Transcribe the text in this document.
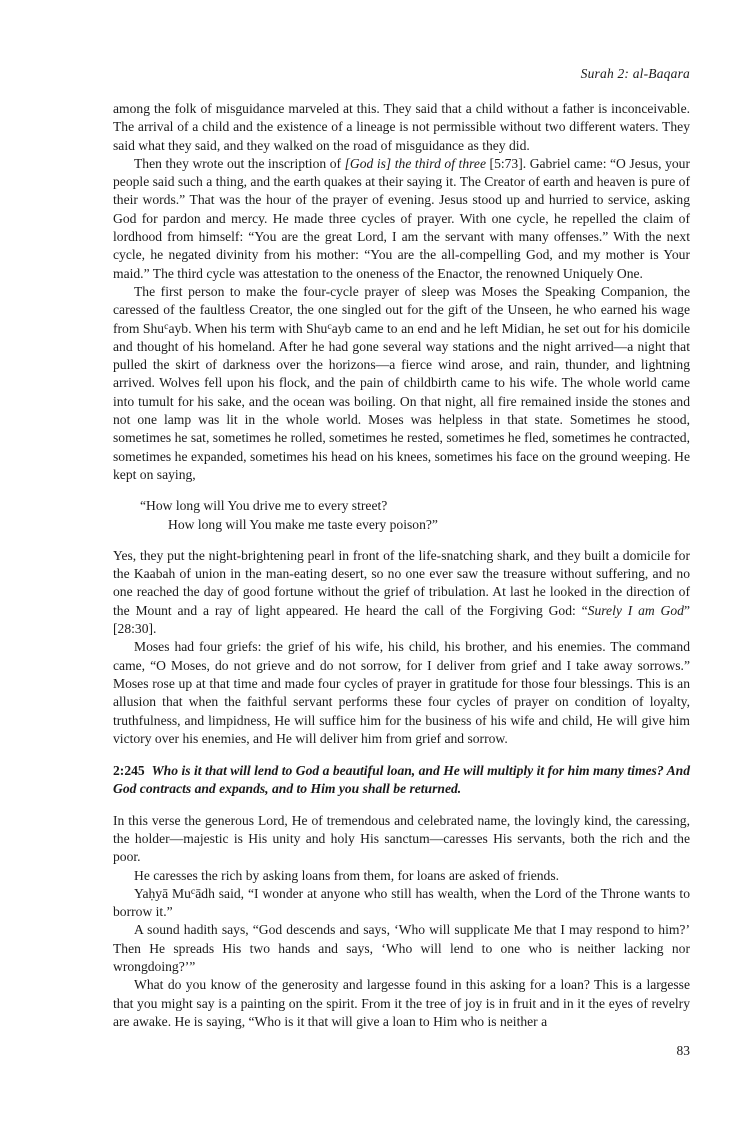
Surah 2: al-Baqara

among the folk of misguidance marveled at this. They said that a child without a father is inconceivable. The arrival of a child and the existence of a lineage is not permissible without two different waters. They said what they said, and they walked on the road of misguidance as they did.

Then they wrote out the inscription of [God is] the third of three [5:73]. Gabriel came: “O Jesus, your people said such a thing, and the earth quakes at their saying it. The Creator of earth and heaven is pure of their words.” That was the hour of the prayer of evening. Jesus stood up and hurried to service, asking God for pardon and mercy. He made three cycles of prayer. With one cycle, he repelled the claim of lordhood from himself: “You are the great Lord, I am the servant with many offenses.” With the next cycle, he negated divinity from his mother: “You are the all-compelling God, and my mother is Your maid.” The third cycle was attestation to the oneness of the Enactor, the renowned Uniquely One.

The first person to make the four-cycle prayer of sleep was Moses the Speaking Companion, the caressed of the faultless Creator, the one singled out for the gift of the Unseen, he who earned his wage from Shu$^c$ayb. When his term with Shu$^c$ayb came to an end and he left Midian, he set out for his domicile and thought of his homeland. After he had gone several way stations and the night arrived—a night that pulled the skirt of darkness over the horizons—a fierce wind arose, and rain, thunder, and lightning arrived. Wolves fell upon his flock, and the pain of childbirth came to his wife. The whole world came into tumult for his sake, and the ocean was boiling. On that night, all fire remained inside the stones and not one lamp was lit in the whole world. Moses was helpless in that state. Sometimes he stood, sometimes he sat, sometimes he rolled, sometimes he rested, sometimes he fled, sometimes he contracted, sometimes he expanded, sometimes his head on his knees, sometimes his face on the ground weeping. He kept on saying,

“How long will You drive me to every street?
How long will You make me taste every poison?”

Yes, they put the night-brightening pearl in front of the life-snatching shark, and they built a domicile for the Kaabah of union in the man-eating desert, so no one ever saw the treasure without suffering, and no one reached the day of good fortune without the grief of tribulation. At last he looked in the direction of the Mount and a ray of light appeared. He heard the call of the Forgiving God: “Surely I am God” [28:30].

Moses had four griefs: the grief of his wife, his child, his brother, and his enemies. The command came, “O Moses, do not grieve and do not sorrow, for I deliver from grief and I take away sorrows.” Moses rose up at that time and made four cycles of prayer in gratitude for those four blessings. This is an allusion that when the faithful servant performs these four cycles of prayer on condition of loyalty, truthfulness, and limpidness, He will suffice him for the business of his wife and child, He will give him victory over his enemies, and He will deliver him from grief and sorrow.

2:245 Who is it that will lend to God a beautiful loan, and He will multiply it for him many times? And God contracts and expands, and to Him you shall be returned.

In this verse the generous Lord, He of tremendous and celebrated name, the lovingly kind, the caressing, the holder—majestic is His unity and holy His sanctum—caresses His servants, both the rich and the poor.

He caresses the rich by asking loans from them, for loans are asked of friends.

Yaḥyā Mu$^c$ādh said, “I wonder at anyone who still has wealth, when the Lord of the Throne wants to borrow it.”

A sound hadith says, “God descends and says, ‘Who will supplicate Me that I may respond to him?’ Then He spreads His two hands and says, ‘Who will lend to one who is neither lacking nor wrongdoing?’”

What do you know of the generosity and largesse found in this asking for a loan? This is a largesse that you might say is a painting on the spirit. From it the tree of joy is in fruit and in it the eyes of revelry are awake. He is saying, “Who is it that will give a loan to Him who is neither a

83
